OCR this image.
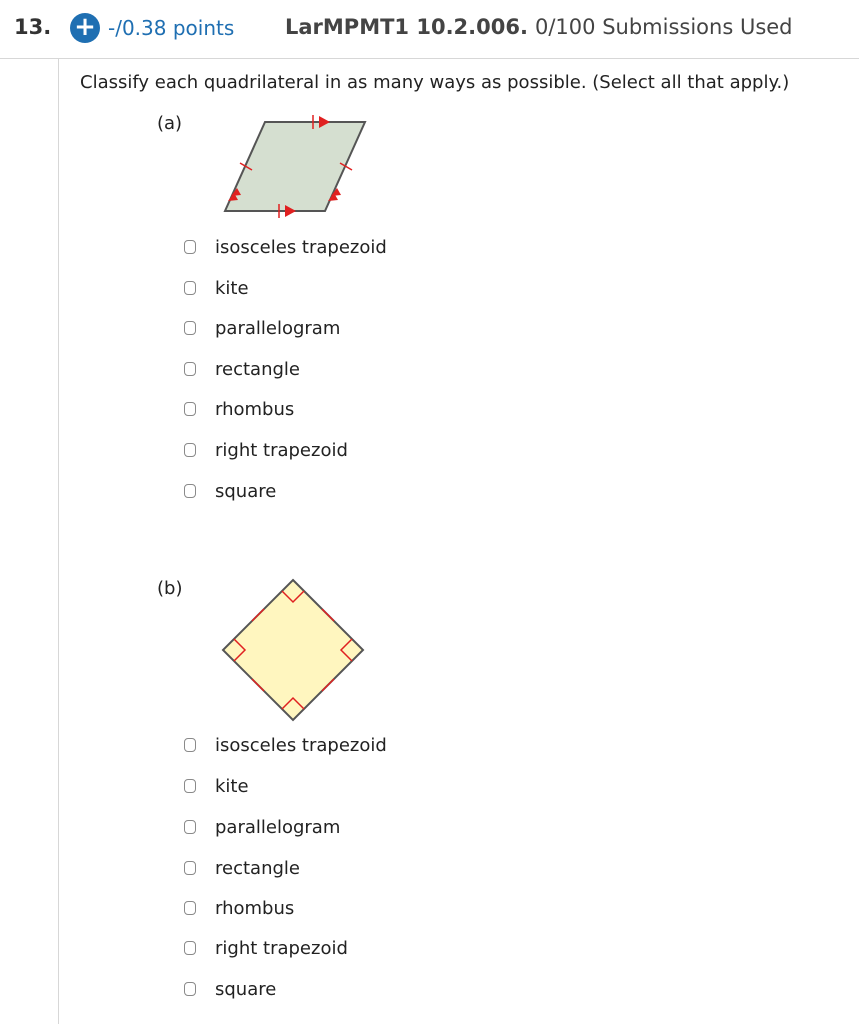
13. + -/0.38 points LarMPMT1 10.2.006. 0/100 Submissions Used
Classify each quadrilateral in as many ways as possible. (Select all that apply.)
(a)
isosceles trapezoid
kite
parallelogram
rectangle
rhombus
right trapezoid
square
(b)
isosceles trapezoid
kite
parallelogram
rectangle
rhombus
right trapezoid
square
